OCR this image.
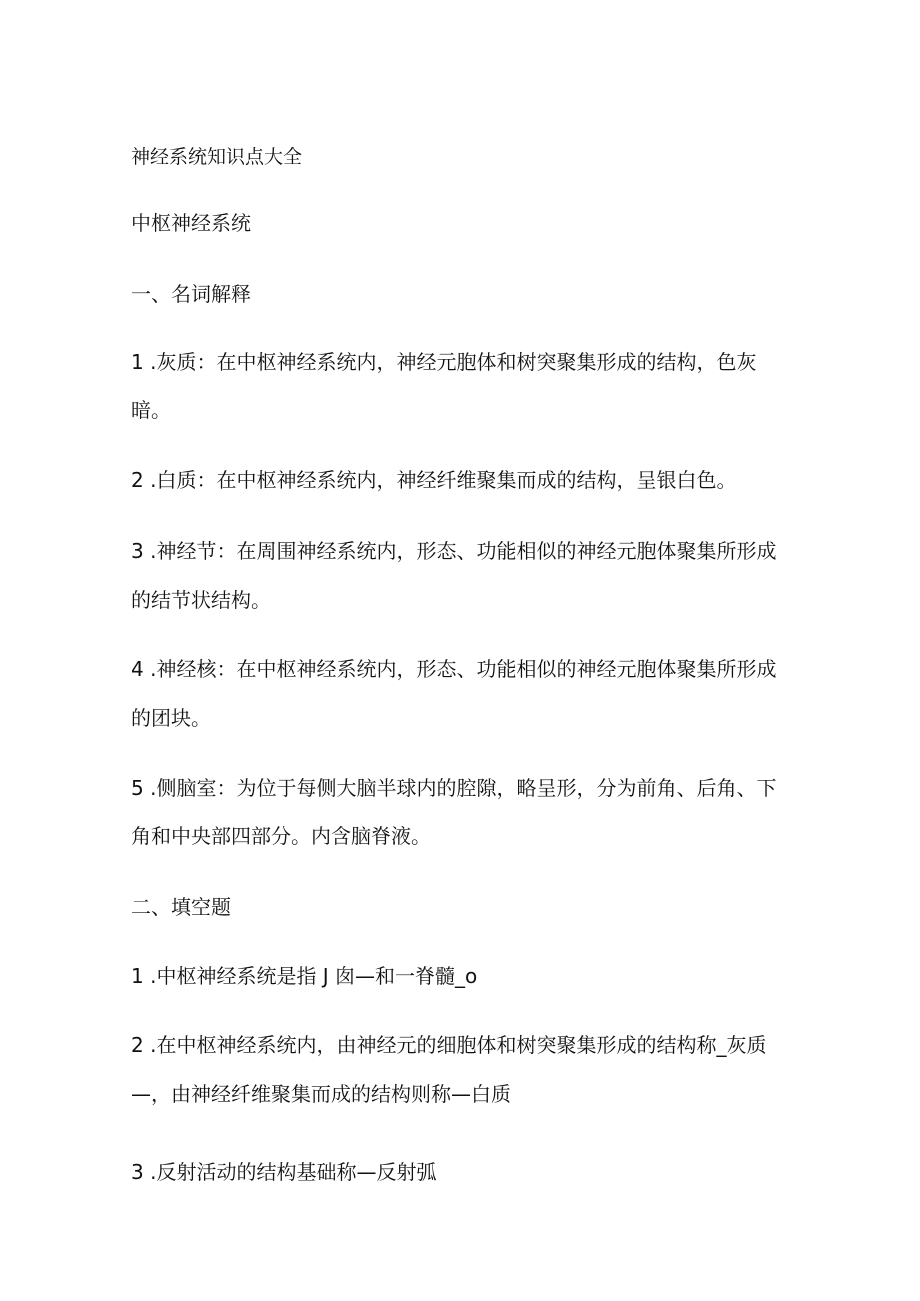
神经系统知识点大全
中枢神经系统
一、名词解释
1 .灰质：在中枢神经系统内，神经元胞体和树突聚集形成的结构，色灰
暗。
2 .白质：在中枢神经系统内，神经纤维聚集而成的结构，呈银白色。
3 .神经节：在周围神经系统内，形态、功能相似的神经元胞体聚集所形成
的结节状结构。
4 .神经核：在中枢神经系统内，形态、功能相似的神经元胞体聚集所形成
的团块。
5 .侧脑室：为位于每侧大脑半球内的腔隙，略呈形，分为前角、后角、下
角和中央部四部分。内含脑脊液。
二、填空题
1 .中枢神经系统是指 J 囱—和一脊髓_o
2 .在中枢神经系统内，由神经元的细胞体和树突聚集形成的结构称_灰质
—，由神经纤维聚集而成的结构则称—白质
3 .反射活动的结构基础称—反射弧
